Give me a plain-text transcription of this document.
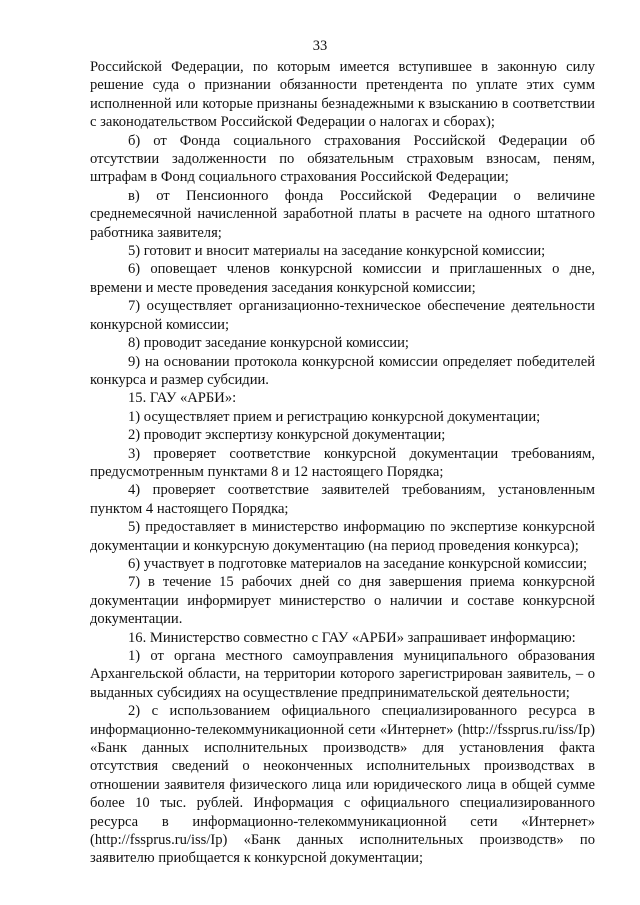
33

Российской Федерации, по которым имеется вступившее в законную силу решение суда о признании обязанности претендента по уплате этих сумм исполненной или которые признаны безнадежными к взысканию в соответствии с законодательством Российской Федерации о налогах и сборах);

б) от Фонда социального страхования Российской Федерации об отсутствии задолженности по обязательным страховым взносам, пеням, штрафам в Фонд социального страхования Российской Федерации;

в) от Пенсионного фонда Российской Федерации о величине среднемесячной начисленной заработной платы в расчете на одного штатного работника заявителя;

5) готовит и вносит материалы на заседание конкурсной комиссии;

6) оповещает членов конкурсной комиссии и приглашенных о дне, времени и месте проведения заседания конкурсной комиссии;

7) осуществляет организационно-техническое обеспечение деятельности конкурсной комиссии;

8) проводит заседание конкурсной комиссии;

9) на основании протокола конкурсной комиссии определяет победителей конкурса и размер субсидии.

15. ГАУ «АРБИ»:

1) осуществляет прием и регистрацию конкурсной документации;

2) проводит экспертизу конкурсной документации;

3) проверяет соответствие конкурсной документации требованиям, предусмотренным пунктами 8 и 12 настоящего Порядка;

4) проверяет соответствие заявителей требованиям, установленным пунктом 4 настоящего Порядка;

5) предоставляет в министерство информацию по экспертизе конкурсной документации и конкурсную документацию (на период проведения конкурса);

6) участвует в подготовке материалов на заседание конкурсной комиссии;

7) в течение 15 рабочих дней со дня завершения приема конкурсной документации информирует министерство о наличии и составе конкурсной документации.

16. Министерство совместно с ГАУ «АРБИ» запрашивает информацию:

1) от органа местного самоуправления муниципального образования Архангельской области, на территории которого зарегистрирован заявитель, – о выданных субсидиях на осуществление предпринимательской деятельности;

2) с использованием официального специализированного ресурса в информационно-телекоммуникационной сети «Интернет» (http://fssprus.ru/iss/Ip) «Банк данных исполнительных производств» для установления факта отсутствия сведений о неоконченных исполнительных производствах в отношении заявителя физического лица или юридического лица в общей сумме более 10 тыс. рублей. Информация с официального специализированного ресурса в информационно-телекоммуникационной сети «Интернет» (http://fssprus.ru/iss/Ip) «Банк данных исполнительных производств» по заявителю приобщается к конкурсной документации;
